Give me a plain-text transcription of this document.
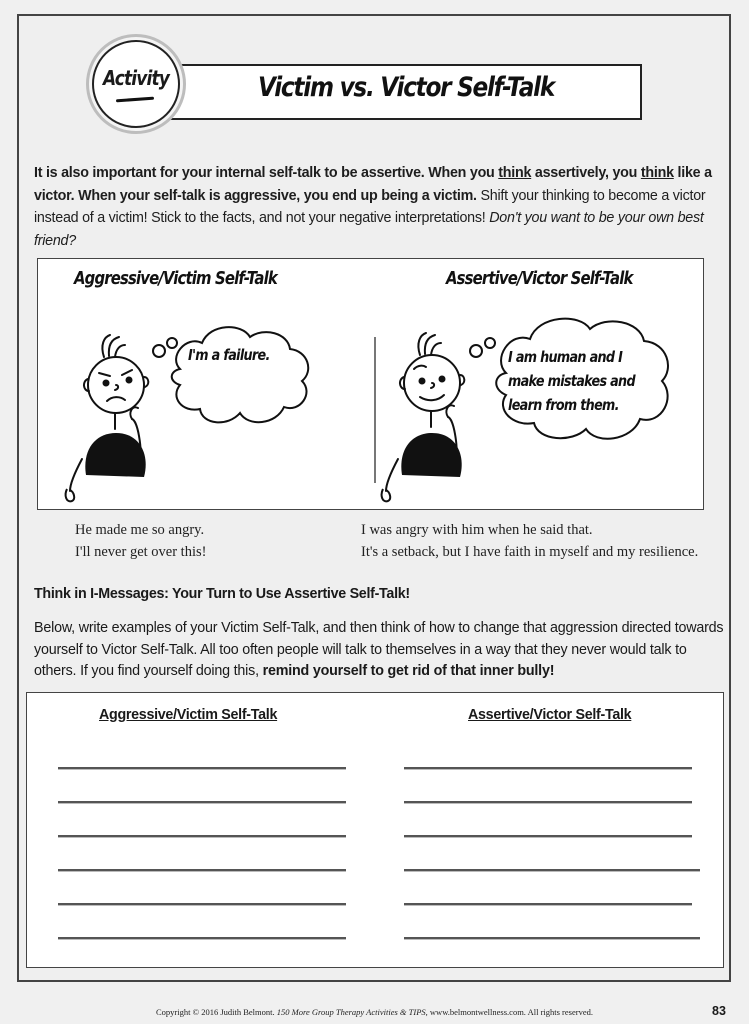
Victim vs. Victor Self-Talk
Activity
It is also important for your internal self-talk to be assertive. When you think assertively, you think like a victor. When your self-talk is aggressive, you end up being a victim. Shift your thinking to become a victor instead of a victim! Stick to the facts, and not your negative interpretations! Don't you want to be your own best friend?
Aggressive/Victim Self-Talk	Assertive/Victor Self-Talk
I'm a failure.	I am human and I
make mistakes and
learn from them.
He made me so angry.
I'll never get over this!
I was angry with him when he said that.
It's a setback, but I have faith in myself and my resilience.
Think in I-Messages: Your Turn to Use Assertive Self-Talk!
Below, write examples of your Victim Self-Talk, and then think of how to change that aggression directed towards yourself to Victor Self-Talk. All too often people will talk to themselves in a way that they never would talk to others. If you find yourself doing this, remind yourself to get rid of that inner bully!
Aggressive/Victim Self-Talk	Assertive/Victor Self-Talk
Copyright © 2016 Judith Belmont. 150 More Group Therapy Activities & TIPS, www.belmontwellness.com. All rights reserved.	83
